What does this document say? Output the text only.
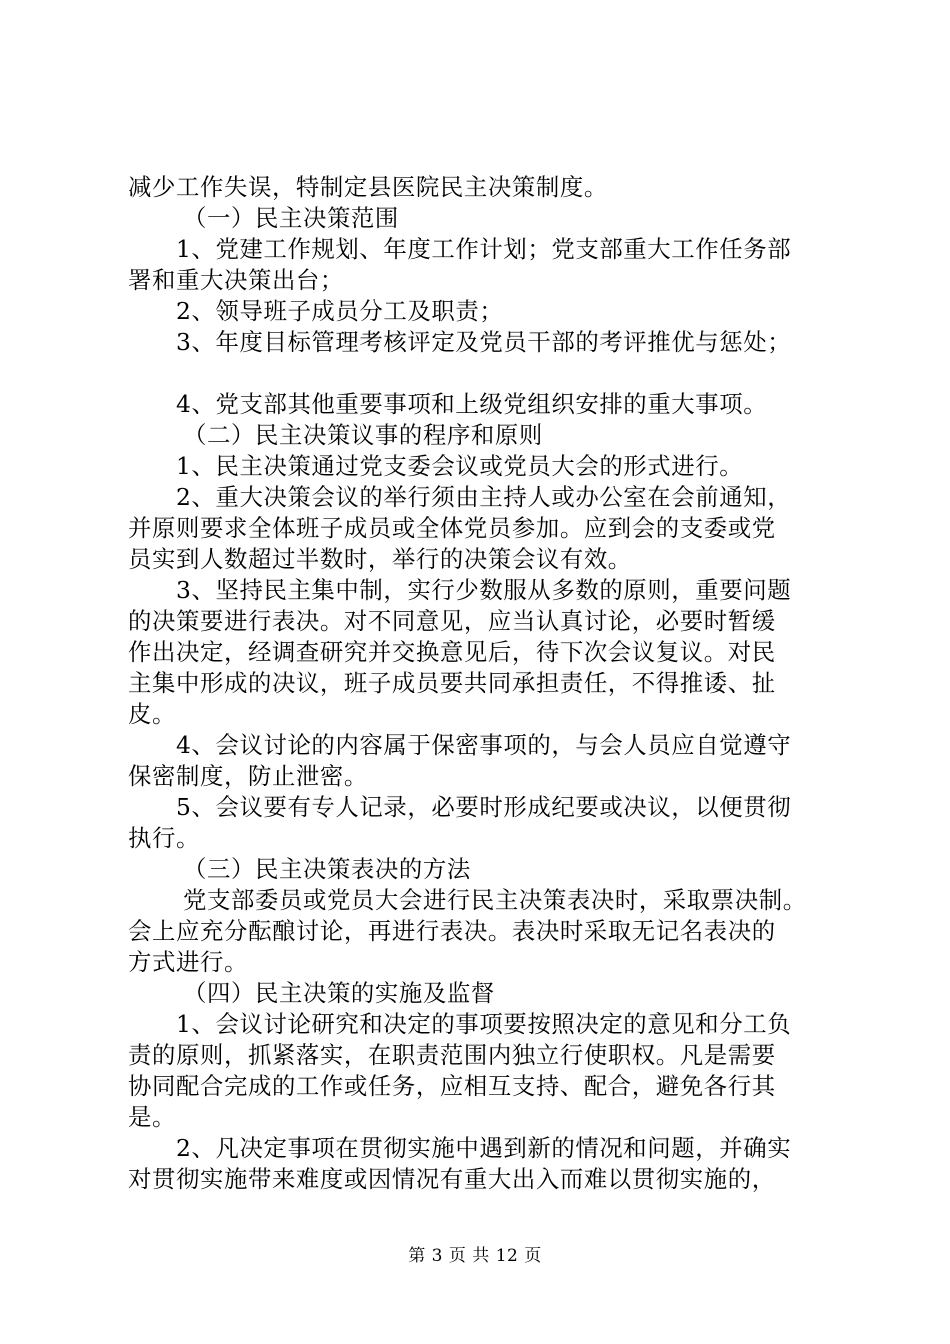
减少工作失误，特制定县医院民主决策制度。
（一）民主决策范围
1、党建工作规划、年度工作计划；党支部重大工作任务部
署和重大决策出台；
2、领导班子成员分工及职责；
3、年度目标管理考核评定及党员干部的考评推优与惩处；
4、党支部其他重要事项和上级党组织安排的重大事项。
（二）民主决策议事的程序和原则
1、民主决策通过党支委会议或党员大会的形式进行。
2、重大决策会议的举行须由主持人或办公室在会前通知，
并原则要求全体班子成员或全体党员参加。应到会的支委或党
员实到人数超过半数时，举行的决策会议有效。
3、坚持民主集中制，实行少数服从多数的原则，重要问题
的决策要进行表决。对不同意见，应当认真讨论，必要时暂缓
作出决定，经调查研究并交换意见后，待下次会议复议。对民
主集中形成的决议，班子成员要共同承担责任，不得推诿、扯
皮。
4、会议讨论的内容属于保密事项的，与会人员应自觉遵守
保密制度，防止泄密。
5、会议要有专人记录，必要时形成纪要或决议，以便贯彻
执行。
（三）民主决策表决的方法
党支部委员或党员大会进行民主决策表决时，采取票决制。
会上应充分酝酿讨论，再进行表决。表决时采取无记名表决的
方式进行。
（四）民主决策的实施及监督
1、会议讨论研究和决定的事项要按照决定的意见和分工负
责的原则，抓紧落实，在职责范围内独立行使职权。凡是需要
协同配合完成的工作或任务，应相互支持、配合，避免各行其
是。
2、凡决定事项在贯彻实施中遇到新的情况和问题，并确实
对贯彻实施带来难度或因情况有重大出入而难以贯彻实施的，
第 3 页 共 12 页
